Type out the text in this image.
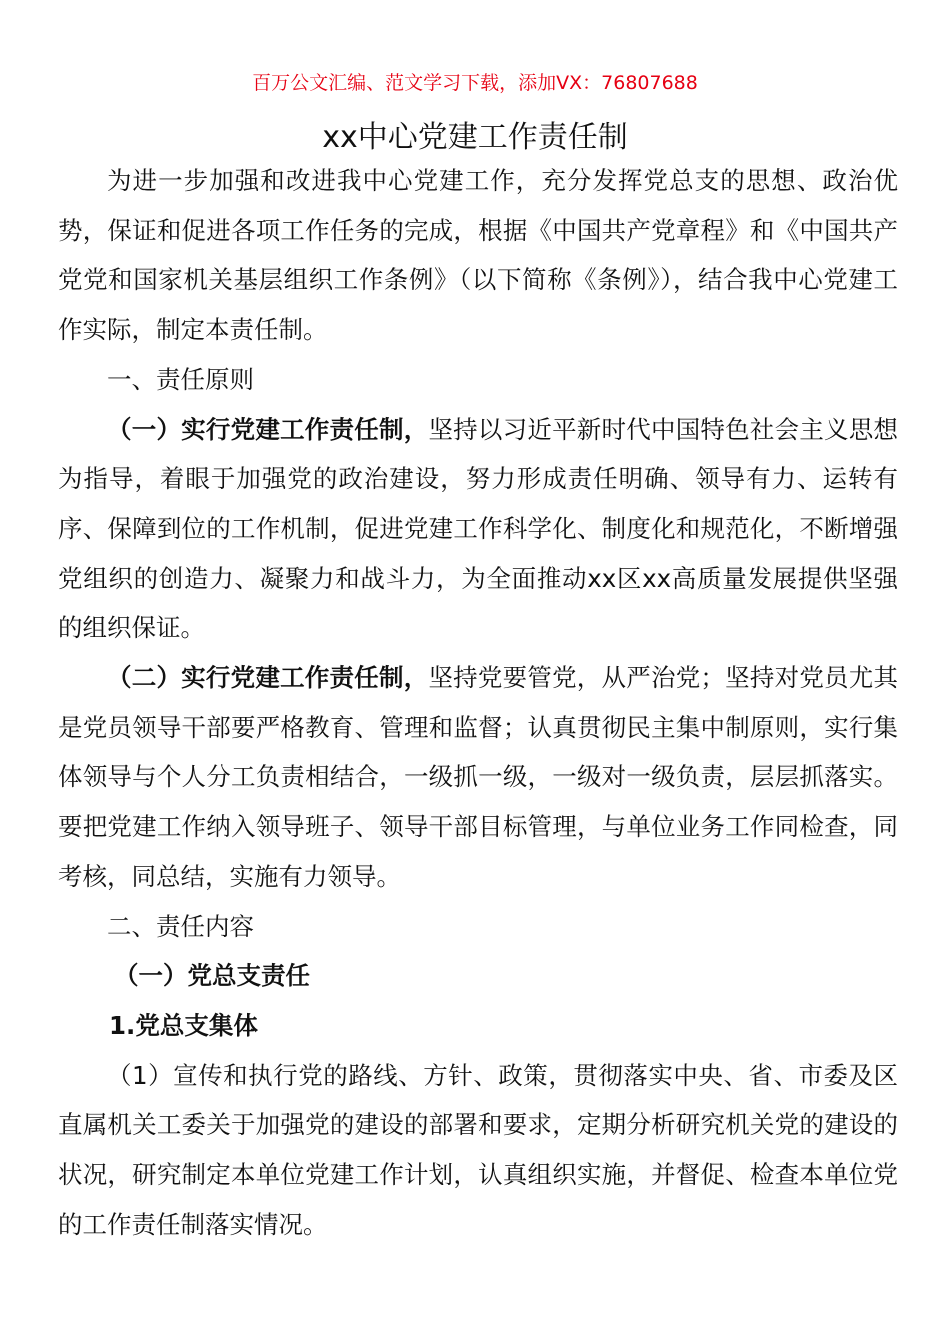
百万公文汇编、范文学习下载，添加VX：76807688
xx中心党建工作责任制

为进一步加强和改进我中心党建工作，充分发挥党总支的思想、政治优势，保证和促进各项工作任务的完成，根据《中国共产党章程》和《中国共产党党和国家机关基层组织工作条例》（以下简称《条例》），结合我中心党建工作实际，制定本责任制。

一、责任原则

（一）实行党建工作责任制，坚持以习近平新时代中国特色社会主义思想为指导，着眼于加强党的政治建设，努力形成责任明确、领导有力、运转有序、保障到位的工作机制，促进党建工作科学化、制度化和规范化，不断增强党组织的创造力、凝聚力和战斗力，为全面推动xx区xx高质量发展提供坚强的组织保证。

（二）实行党建工作责任制，坚持党要管党，从严治党；坚持对党员尤其是党员领导干部要严格教育、管理和监督；认真贯彻民主集中制原则，实行集体领导与个人分工负责相结合，一级抓一级，一级对一级负责，层层抓落实。要把党建工作纳入领导班子、领导干部目标管理，与单位业务工作同检查，同考核，同总结，实施有力领导。

二、责任内容

（一）党总支责任

1.党总支集体

（1）宣传和执行党的路线、方针、政策，贯彻落实中央、省、市委及区直属机关工委关于加强党的建设的部署和要求，定期分析研究机关党的建设的状况，研究制定本单位党建工作计划，认真组织实施，并督促、检查本单位党的工作责任制落实情况。
